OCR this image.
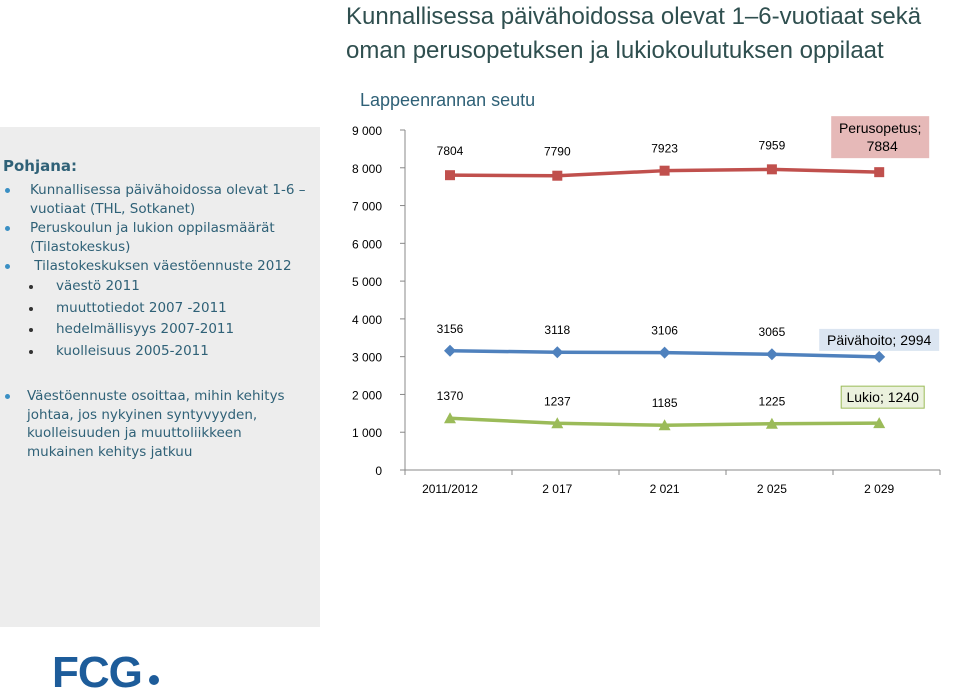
Kunnallisessa päivähoidossa olevat 1–6-vuotiaat sekä
oman perusopetuksen ja lukiokoulutuksen oppilaat
Pohjana:
Kunnallisessa päivähoidossa olevat 1-6 –vuotiaat (THL, Sotkanet)
Peruskoulun ja lukion oppilasmäärät (Tilastokeskus)
Tilastokeskuksen väestöennuste 2012
väestö 2011
muuttotiedot 2007 -2011
hedelmällisyys 2007-2011
kuolleisuus 2005-2011
Väestöennuste osoittaa, mihin kehitys johtaa, jos nykyinen syntyvyyden, kuolleisuuden ja muuttoliikkeen mukainen kehitys jatkuu
Lappeenrannan seutu
0
1 000
2 000
3 000
4 000
5 000
6 000
7 000
8 000
9 000
2011/2012	2 017	2 021	2 025	2 029
7804	7790	7923	7959
Perusopetus; 7884
3156	3118	3106	3065	Päivähoito; 2994
1370	1237	1185	1225	Lukio; 1240
FCG
